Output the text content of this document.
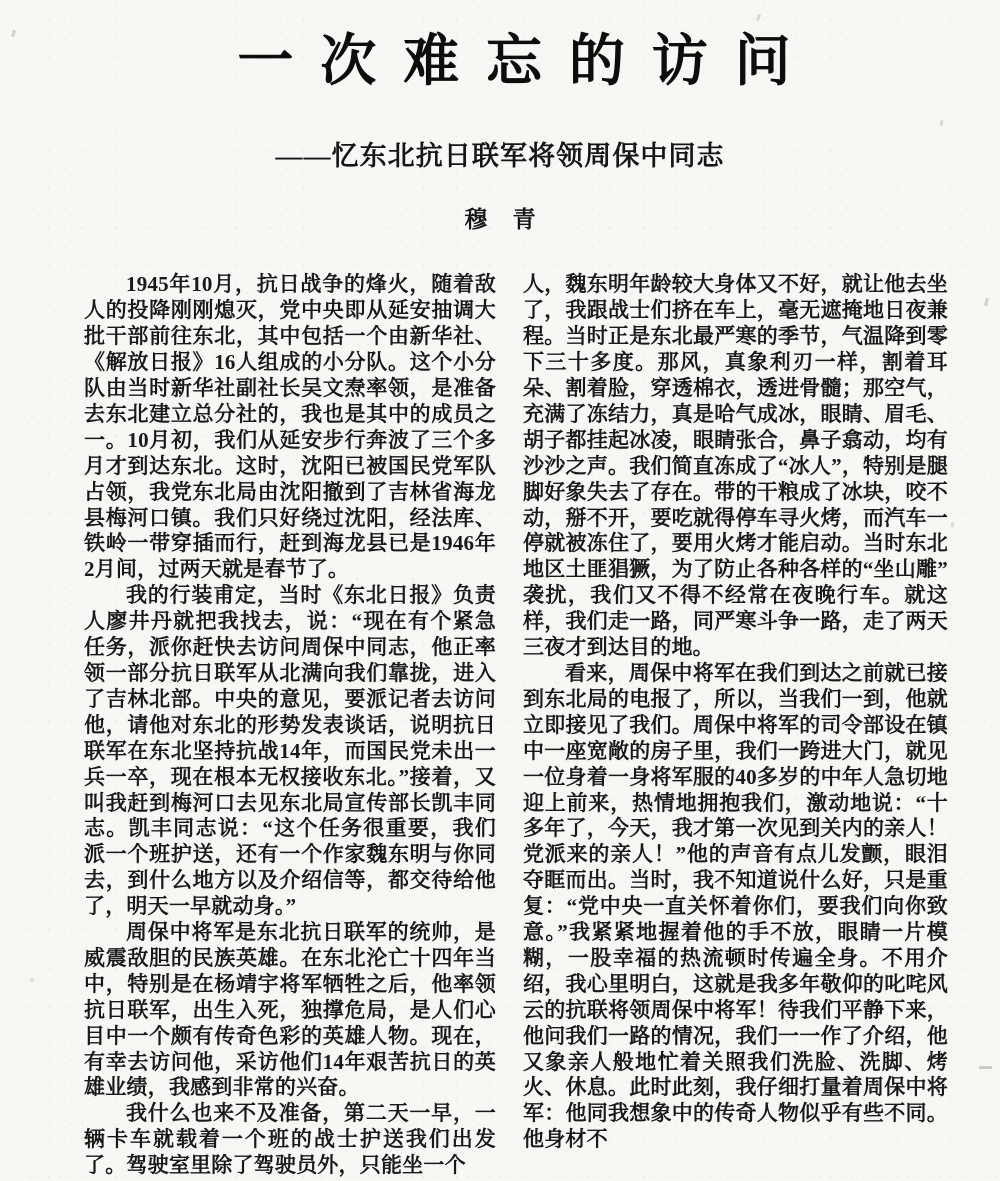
一次难忘的访问
——忆东北抗日联军将领周保中同志
穆青

1945年10月，抗日战争的烽火，随着敌人的投降刚刚熄灭，党中央即从延安抽调大批干部前往东北，其中包括一个由新华社、《解放日报》16人组成的小分队。这个小分队由当时新华社副社长吴文焘率领，是准备去东北建立总分社的，我也是其中的成员之一。10月初，我们从延安步行奔波了三个多月才到达东北。这时，沈阳已被国民党军队占领，我党东北局由沈阳撤到了吉林省海龙县梅河口镇。我们只好绕过沈阳，经法库、铁岭一带穿插而行，赶到海龙县已是1946年2月间，过两天就是春节了。

我的行装甫定，当时《东北日报》负责人廖井丹就把我找去，说：“现在有个紧急任务，派你赶快去访问周保中同志，他正率领一部分抗日联军从北满向我们靠拢，进入了吉林北部。中央的意见，要派记者去访问他，请他对东北的形势发表谈话，说明抗日联军在东北坚持抗战14年，而国民党未出一兵一卒，现在根本无权接收东北。”接着，又叫我赶到梅河口去见东北局宣传部长凯丰同志。凯丰同志说：“这个任务很重要，我们派一个班护送，还有一个作家魏东明与你同去，到什么地方以及介绍信等，都交待给他了，明天一早就动身。”

周保中将军是东北抗日联军的统帅，是威震敌胆的民族英雄。在东北沦亡十四年当中，特别是在杨靖宇将军牺牲之后，他率领抗日联军，出生入死，独撑危局，是人们心目中一个颇有传奇色彩的英雄人物。现在，有幸去访问他，采访他们14年艰苦抗日的英雄业绩，我感到非常的兴奋。

我什么也来不及准备，第二天一早，一辆卡车就载着一个班的战士护送我们出发了。驾驶室里除了驾驶员外，只能坐一个

人，魏东明年龄较大身体又不好，就让他去坐了，我跟战士们挤在车上，毫无遮掩地日夜兼程。当时正是东北最严寒的季节，气温降到零下三十多度。那风，真象利刃一样，割着耳朵、割着脸，穿透棉衣，透进骨髓；那空气，充满了冻结力，真是哈气成冰，眼睛、眉毛、胡子都挂起冰凌，眼睛张合，鼻子翕动，均有沙沙之声。我们简直冻成了“冰人”，特别是腿脚好象失去了存在。带的干粮成了冰块，咬不动，掰不开，要吃就得停车寻火烤，而汽车一停就被冻住了，要用火烤才能启动。当时东北地区土匪猖獗，为了防止各种各样的“坐山雕”袭扰，我们又不得不经常在夜晚行车。就这样，我们走一路，同严寒斗争一路，走了两天三夜才到达目的地。

看来，周保中将军在我们到达之前就已接到东北局的电报了，所以，当我们一到，他就立即接见了我们。周保中将军的司令部设在镇中一座宽敞的房子里，我们一跨进大门，就见一位身着一身将军服的40多岁的中年人急切地迎上前来，热情地拥抱我们，激动地说：“十多年了，今天，我才第一次见到关内的亲人！党派来的亲人！”他的声音有点儿发颤，眼泪夺眶而出。当时，我不知道说什么好，只是重复：“党中央一直关怀着你们，要我们向你致意。”我紧紧地握着他的手不放，眼睛一片模糊，一股幸福的热流顿时传遍全身。不用介绍，我心里明白，这就是我多年敬仰的叱咤风云的抗联将领周保中将军！待我们平静下来，他问我们一路的情况，我们一一作了介绍，他又象亲人般地忙着关照我们洗脸、洗脚、烤火、休息。此时此刻，我仔细打量着周保中将军：他同我想象中的传奇人物似乎有些不同。他身材不
